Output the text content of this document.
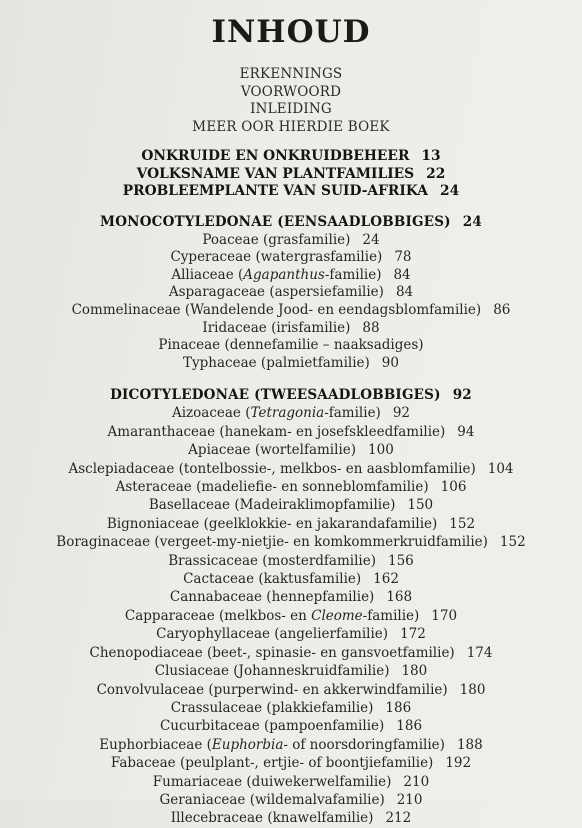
INHOUD
ERKENNINGS
VOORWOORD
INLEIDING
MEER OOR HIERDIE BOEK
ONKRUIDE EN ONKRUIDBEHEER 13
VOLKSNAME VAN PLANTFAMILIES 22
PROBLEEMPLANTE VAN SUID-AFRIKA 24
MONOCOTYLEDONAE (EENSAADLOBBIGES) 24
Poaceae (grasfamilie) 24
Cyperaceae (watergrasfamilie) 78
Alliaceae (Agapanthus-familie) 84
Asparagaceae (aspersiefamilie) 84
Commelinaceae (Wandelende Jood- en eendagsblomfamilie) 86
Iridaceae (irisfamilie) 88
Pinaceae (dennefamilie – naaksadiges)
Typhaceae (palmietfamilie) 90
DICOTYLEDONAE (TWEESAADLOBBIGES) 92
Aizoaceae (Tetragonia-familie) 92
Amaranthaceae (hanekam- en josefskleedfamilie) 94
Apiaceae (wortelfamilie) 100
Asclepiadaceae (tontelbossie-, melkbos- en aasblomfamilie) 104
Asteraceae (madeliefie- en sonneblomfamilie) 106
Basellaceae (Madeiraklimopfamilie) 150
Bignoniaceae (geelklokkie- en jakarandafamilie) 152
Boraginaceae (vergeet-my-nietjie- en komkommerkruidfamilie) 152
Brassicaceae (mosterdfamilie) 156
Cactaceae (kaktusfamilie) 162
Cannabaceae (hennepfamilie) 168
Capparaceae (melkbos- en Cleome-familie) 170
Caryophyllaceae (angelierfamilie) 172
Chenopodiaceae (beet-, spinasie- en gansvoetfamilie) 174
Clusiaceae (Johanneskruidfamilie) 180
Convolvulaceae (purperwind- en akkerwindfamilie) 180
Crassulaceae (plakkiefamilie) 186
Cucurbitaceae (pampoenfamilie) 186
Euphorbiaceae (Euphorbia- of noorsdoringfamilie) 188
Fabaceae (peulplant-, ertjie- of boontjiefamilie) 192
Fumariaceae (duiwekerwelfamilie) 210
Geraniaceae (wildemalvafamilie) 210
Illecebraceae (knawelfamilie) 212
